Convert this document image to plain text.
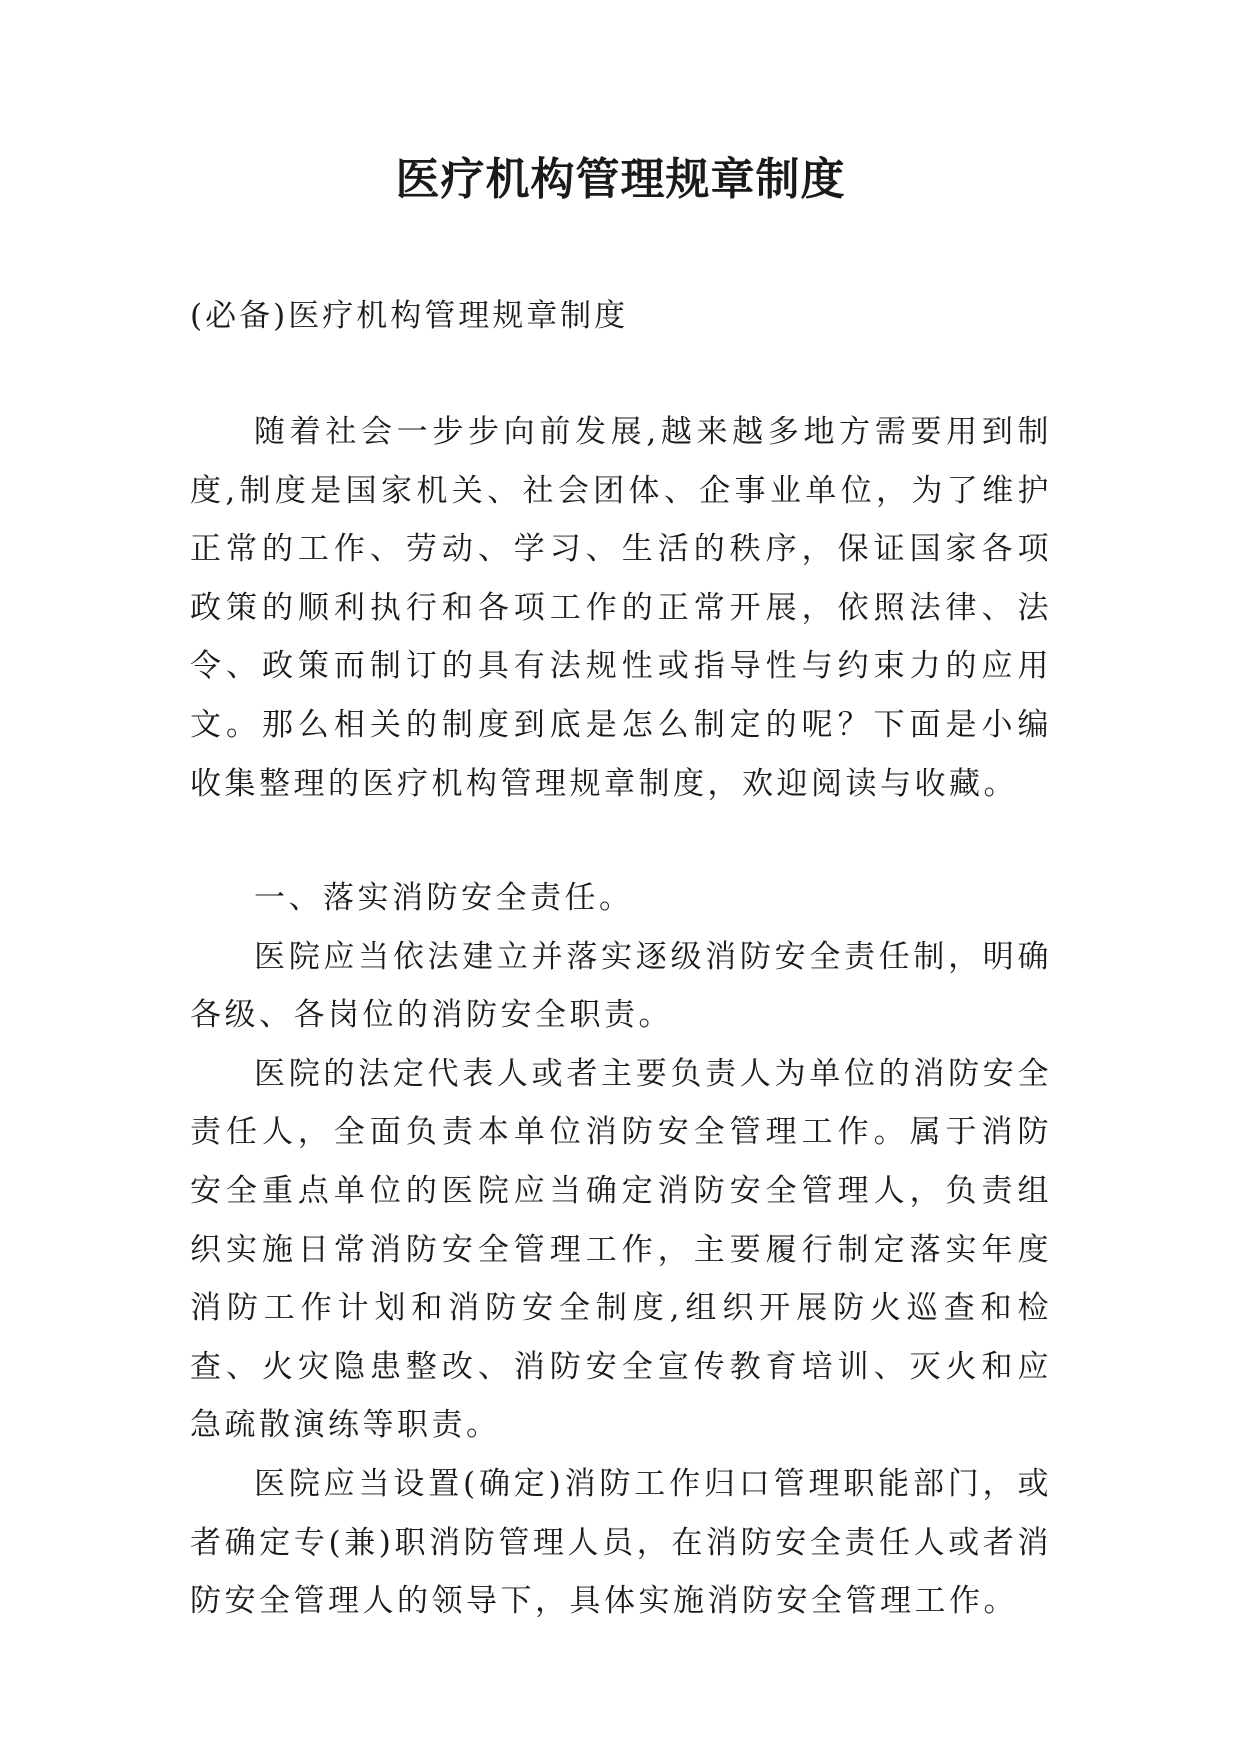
医疗机构管理规章制度
(必备)医疗机构管理规章制度

随着社会一步步向前发展,越来越多地方需要用到制度,制度是国家机关、社会团体、企事业单位，为了维护正常的工作、劳动、学习、生活的秩序，保证国家各项政策的顺利执行和各项工作的正常开展，依照法律、法令、政策而制订的具有法规性或指导性与约束力的应用文。那么相关的制度到底是怎么制定的呢？下面是小编收集整理的医疗机构管理规章制度，欢迎阅读与收藏。

一、落实消防安全责任。

医院应当依法建立并落实逐级消防安全责任制，明确各级、各岗位的消防安全职责。

医院的法定代表人或者主要负责人为单位的消防安全责任人，全面负责本单位消防安全管理工作。属于消防安全重点单位的医院应当确定消防安全管理人，负责组织实施日常消防安全管理工作，主要履行制定落实年度消防工作计划和消防安全制度,组织开展防火巡查和检查、火灾隐患整改、消防安全宣传教育培训、灭火和应急疏散演练等职责。

医院应当设置(确定)消防工作归口管理职能部门，或者确定专(兼)职消防管理人员，在消防安全责任人或者消防安全管理人的领导下，具体实施消防安全管理工作。
